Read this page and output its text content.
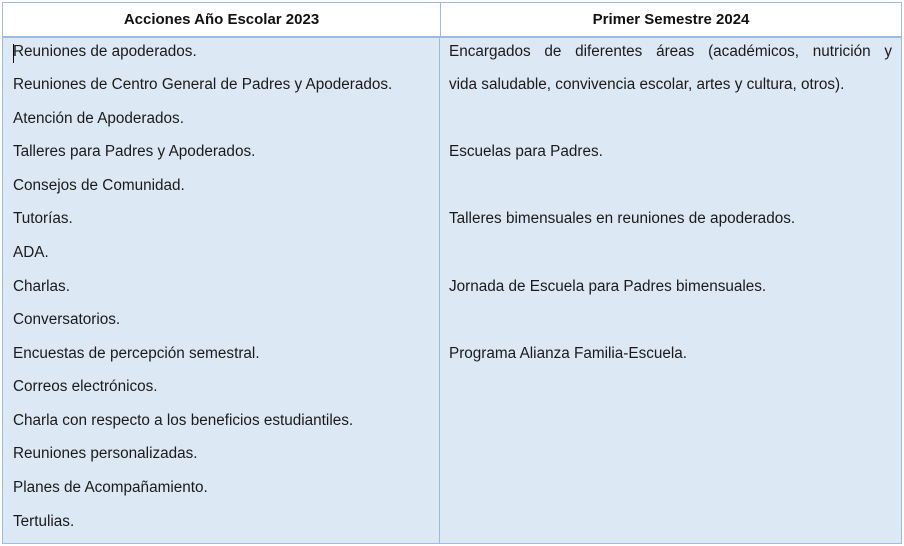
Acciones Año Escolar 2023	Primer Semestre 2024
Reuniones de apoderados.
Reuniones de Centro General de Padres y Apoderados.
Atención de Apoderados.
Talleres para Padres y Apoderados.
Consejos de Comunidad.
Tutorías.
ADA.
Charlas.
Conversatorios.
Encuestas de percepción semestral.
Correos electrónicos.
Charla con respecto a los beneficios estudiantiles.
Reuniones personalizadas.
Planes de Acompañamiento.
Tertulias.
Encargados de diferentes áreas (académicos, nutrición y
vida saludable, convivencia escolar, artes y cultura, otros).
Escuelas para Padres.
Talleres bimensuales en reuniones de apoderados.
Jornada de Escuela para Padres bimensuales.
Programa Alianza Familia-Escuela.
